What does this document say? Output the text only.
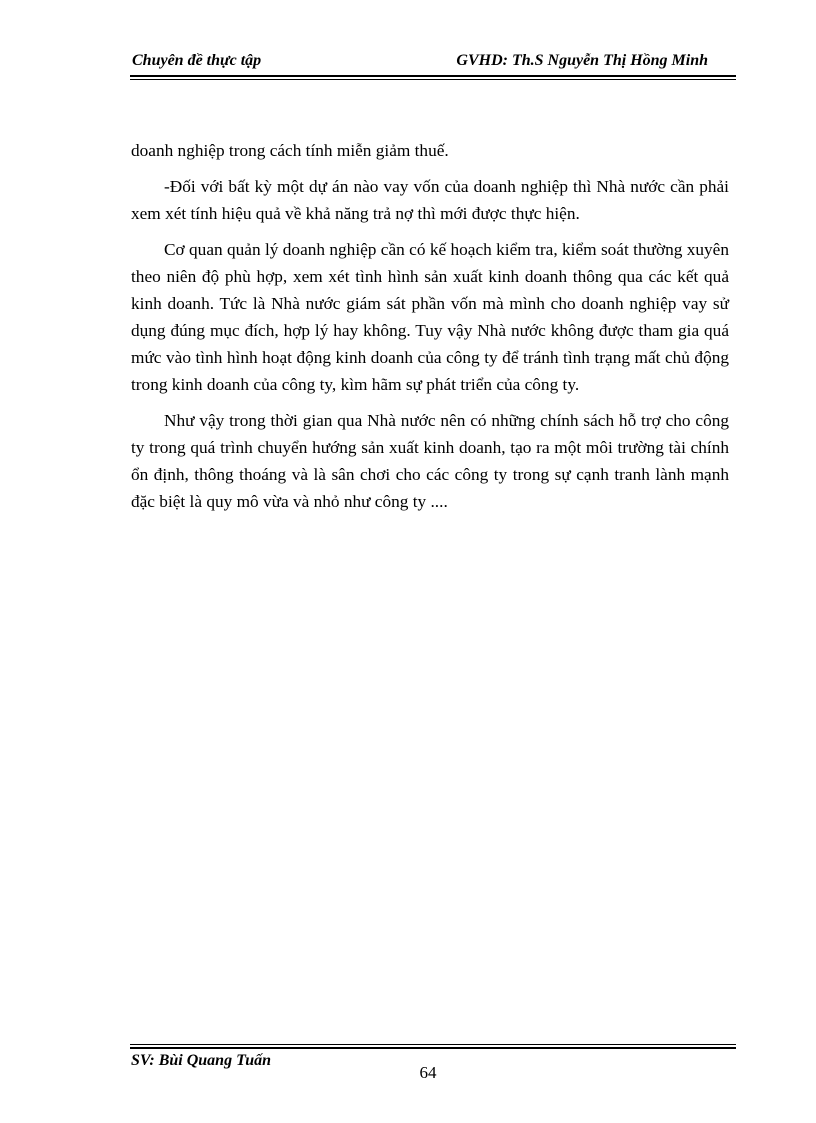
Chuyên đề thực tập	GVHD: Th.S Nguyễn Thị Hồng Minh

doanh nghiệp trong cách tính miễn giảm thuế.

-Đối với bất kỳ một dự án nào vay vốn của doanh nghiệp thì Nhà nước cần phải xem xét tính hiệu quả về khả năng trả nợ thì mới được thực hiện.

Cơ quan quản lý doanh nghiệp cần có kế hoạch kiểm tra, kiểm soát thường xuyên theo niên độ phù hợp, xem xét tình hình sản xuất kinh doanh thông qua các kết quả kinh doanh. Tức là Nhà nước giám sát phần vốn mà mình cho doanh nghiệp vay sử dụng đúng mục đích, hợp lý hay không. Tuy vậy Nhà nước không được tham gia quá mức vào tình hình hoạt động kinh doanh của công ty để tránh tình trạng mất chủ động trong kinh doanh của công ty, kìm hãm sự phát triển của công ty.

Như vậy trong thời gian qua Nhà nước nên có những chính sách hỗ trợ cho công ty trong quá trình chuyển hướng sản xuất kinh doanh, tạo ra một môi trường tài chính ổn định, thông thoáng và là sân chơi cho các công ty trong sự cạnh tranh lành mạnh đặc biệt là quy mô vừa và nhỏ như công ty ....

SV: Bùi Quang Tuấn
64
